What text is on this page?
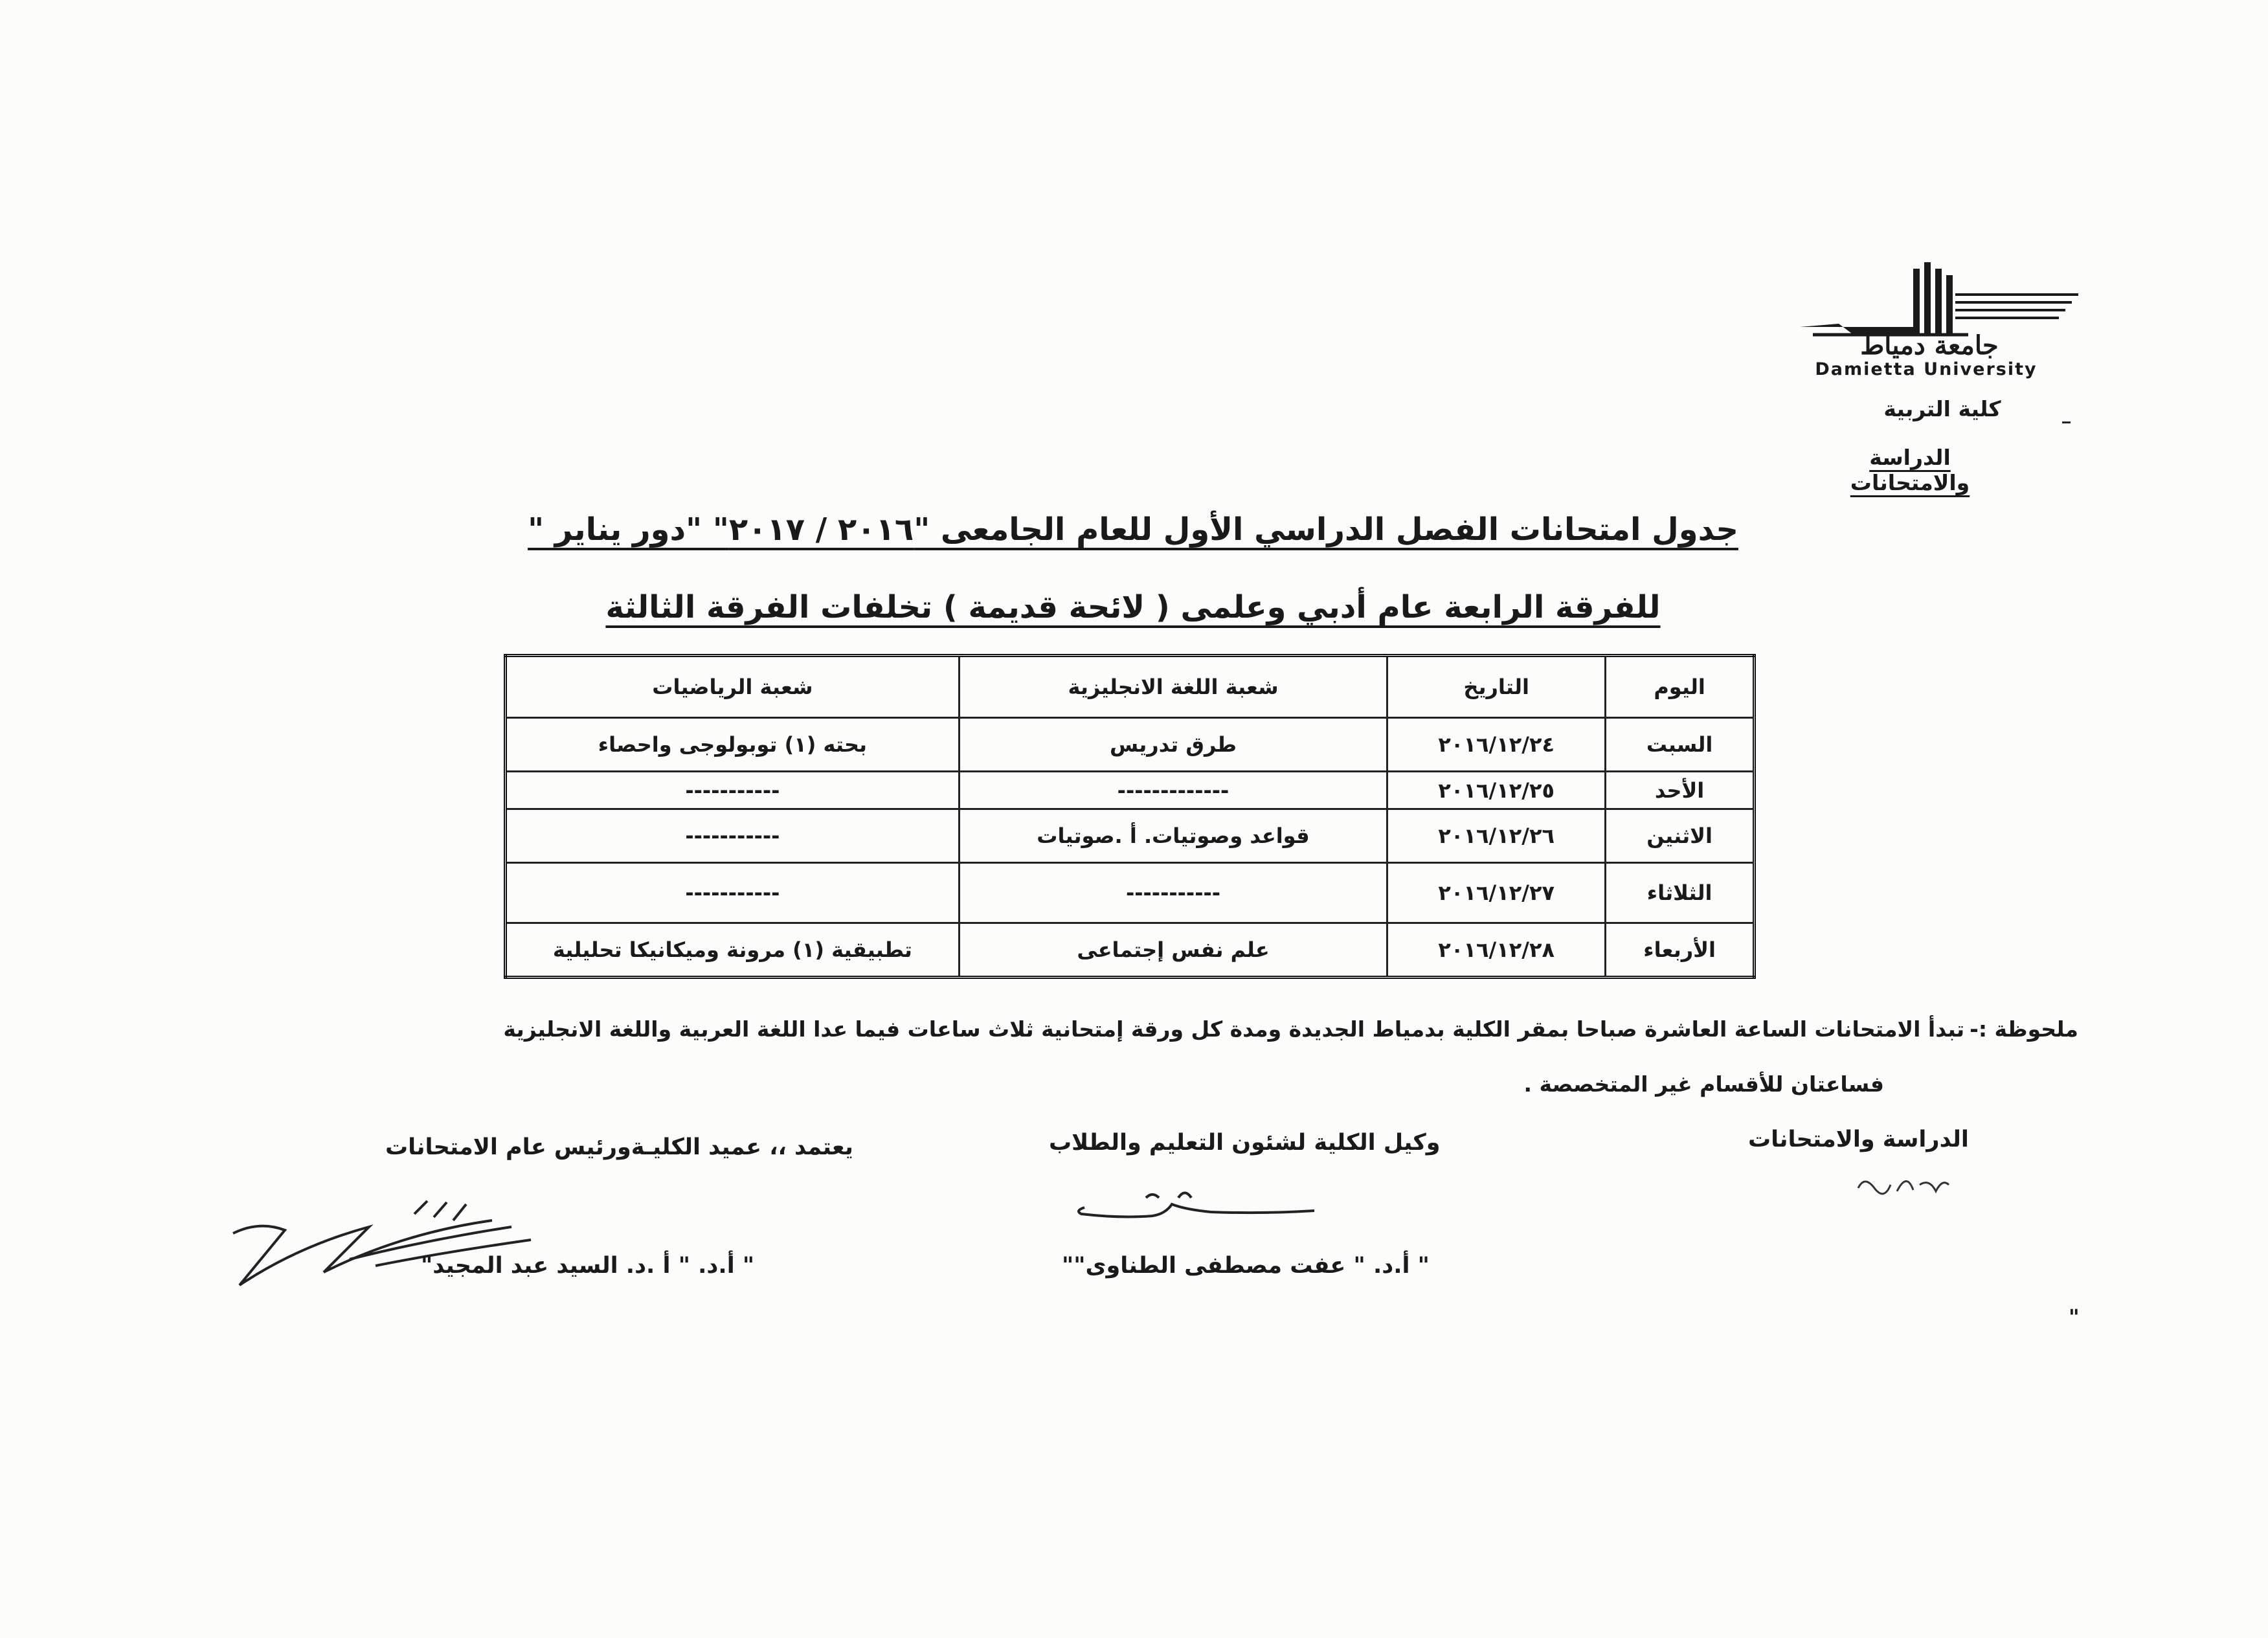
جامعة دمياط
Damietta University
كلية التربية
الدراسة والامتحانات
جدول امتحانات الفصل الدراسي الأول للعام الجامعى "٢٠١٦ / ٢٠١٧" "دور يناير "
للفرقة الرابعة عام أدبي وعلمى ( لائحة قديمة ) تخلفات الفرقة الثالثة
اليوم	التاريخ	شعبة اللغة الانجليزية	شعبة الرياضيات
السبت	٢٠١٦/١٢/٢٤	طرق تدريس	بحته (١) توبولوجى واحصاء
الأحد	٢٠١٦/١٢/٢٥	-------------	-----------
الاثنين	٢٠١٦/١٢/٢٦	قواعد وصوتيات. أ .صوتيات	-----------
الثلاثاء	٢٠١٦/١٢/٢٧	-----------	-----------
الأربعاء	٢٠١٦/١٢/٢٨	علم نفس إجتماعى	تطبيقية (١) مرونة وميكانيكا تحليلية
ملحوظة :-تبدأ الامتحانات الساعة العاشرة صباحا بمقر الكلية بدمياط الجديدة ومدة كل ورقة إمتحانية ثلاث ساعات فيما عدا اللغة العربية واللغة الانجليزية
فساعتان للأقسام غير المتخصصة .
الدراسة والامتحانات
وكيل الكلية لشئون التعليم والطلاب
يعتمد ،، عميد الكليـةورئيس عام الامتحانات
" أ.د. " عفت مصطفى الطناوى""
" أ.د. " أ .د. السيد عبد المجيد"
"
